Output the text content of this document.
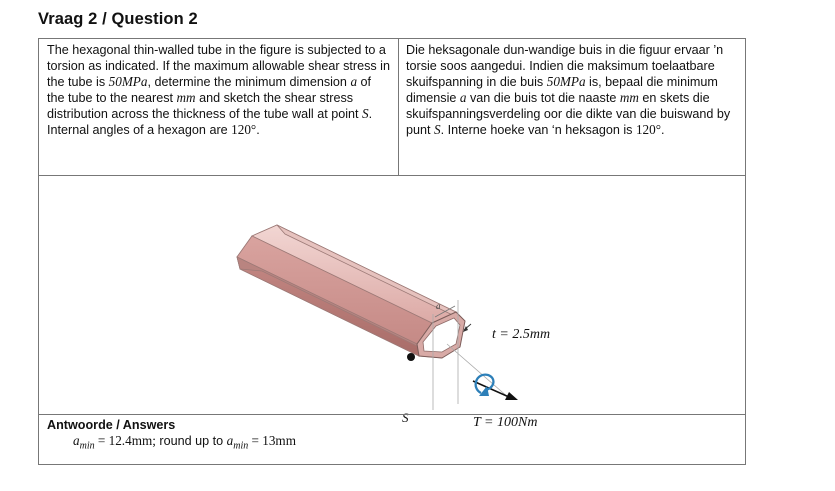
Vraag 2 / Question 2

The hexagonal thin-walled tube in the figure is subjected to a torsion as indicated. If the maximum allowable shear stress in the tube is 50MPa, determine the minimum dimension a of the tube to the nearest mm and sketch the shear stress distribution across the thickness of the tube wall at point S. Internal angles of a hexagon are 120°.

Die heksagonale dun-wandige buis in die figuur ervaar ’n torsie soos aangedui. Indien die maksimum toelaatbare skuifspanning in die buis 50MPa is, bepaal die minimum dimensie a van die buis tot die naaste mm en skets die skuifspanningsverdeling oor die dikte van die buiswand by punt S. Interne hoeke van ‘n heksagon is 120°.

a
S
t = 2.5mm
T = 100Nm

Antwoorde / Answers

$a_{min} = 12.4mm$; round up to $a_{min} = 13mm$
